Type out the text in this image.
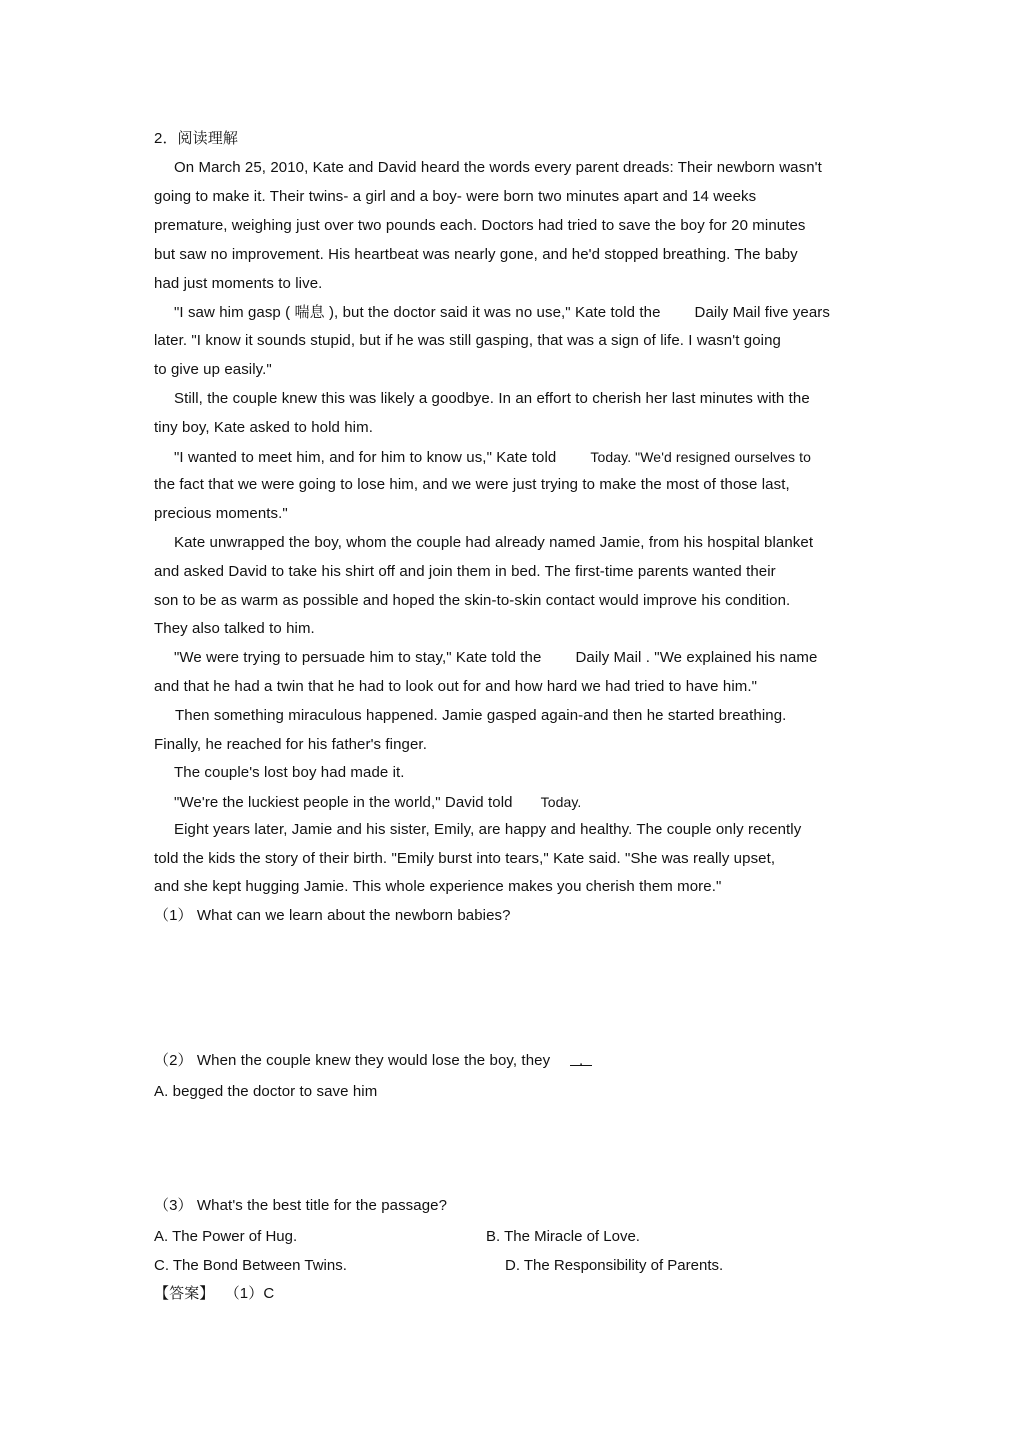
2．阅读理解
On March 25, 2010, Kate and David heard the words every parent dreads: Their newborn wasn't
going to make it. Their twins- a girl and a boy- were born two minutes apart and 14 weeks
premature, weighing just over two pounds each. Doctors had tried to save the boy for 20 minutes
but saw no improvement. His heartbeat was nearly gone, and he'd stopped breathing. The baby
had just moments to live.
"I saw him gasp ( 喘息 ), but the doctor said it was no use," Kate told the Daily Mail five years
later. "I know it sounds stupid, but if he was still gasping, that was a sign of life. I wasn't going
to give up easily."
Still, the couple knew this was likely a goodbye. In an effort to cherish her last minutes with the
tiny boy, Kate asked to hold him.
"I wanted to meet him, and for him to know us," Kate told Today. "We'd resigned ourselves to
the fact that we were going to lose him, and we were just trying to make the most of those last,
precious moments."
Kate unwrapped the boy, whom the couple had already named Jamie, from his hospital blanket
and asked David to take his shirt off and join them in bed. The first-time parents wanted their
son to be as warm as possible and hoped the skin-to-skin contact would improve his condition.
They also talked to him.
"We were trying to persuade him to stay," Kate told the Daily Mail . "We explained his name
and that he had a twin that he had to look out for and how hard we had tried to have him."
Then something miraculous happened. Jamie gasped again-and then he started breathing.
Finally, he reached for his father's finger.
The couple's lost boy had made it.
"We're the luckiest people in the world," David told Today.
Eight years later, Jamie and his sister, Emily, are happy and healthy. The couple only recently
told the kids the story of their birth. "Emily burst into tears," Kate said. "She was really upset,
and she kept hugging Jamie. This whole experience makes you cherish them more."
（1） What can we learn about the newborn babies?
（2） When the couple knew they would lose the boy, they .
A. begged the doctor to save him
（3） What's the best title for the passage?
A. The Power of Hug.	B. The Miracle of Love.
C. The Bond Between Twins.	D. The Responsibility of Parents.
【答案】 （1）C
